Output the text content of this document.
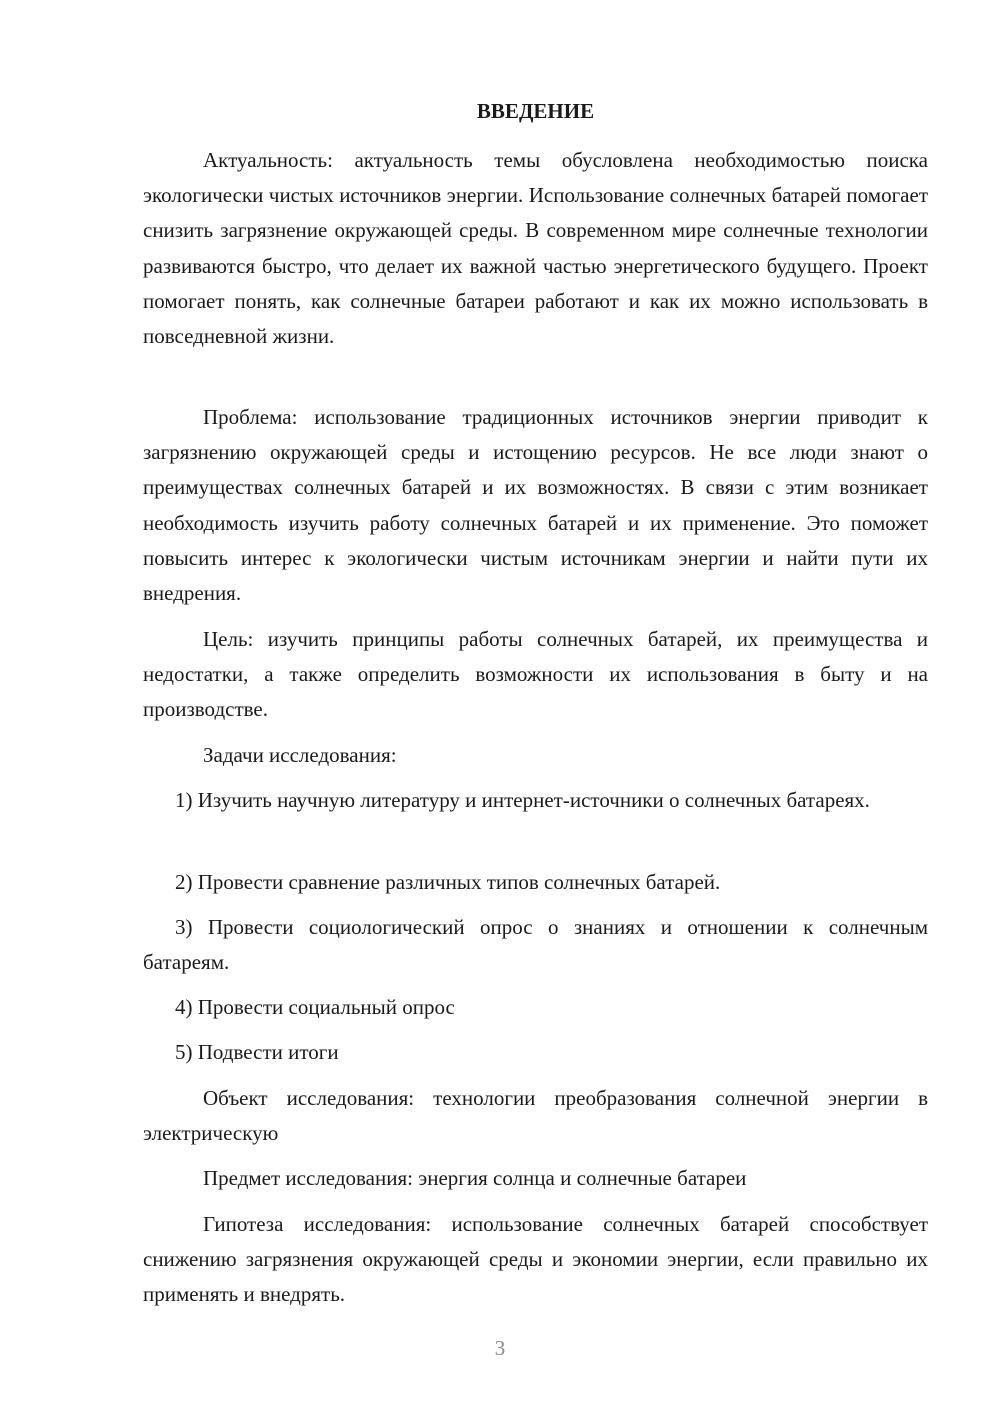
ВВЕДЕНИЕ

Актуальность: актуальность темы обусловлена необходимостью поиска экологически чистых источников энергии. Использование солнечных батарей помогает снизить загрязнение окружающей среды. В современном мире солнечные технологии развиваются быстро, что делает их важной частью энергетического будущего. Проект помогает понять, как солнечные батареи работают и как их можно использовать в повседневной жизни.

Проблема: использование традиционных источников энергии приводит к загрязнению окружающей среды и истощению ресурсов. Не все люди знают о преимуществах солнечных батарей и их возможностях. В связи с этим возникает необходимость изучить работу солнечных батарей и их применение. Это поможет повысить интерес к экологически чистым источникам энергии и найти пути их внедрения.

Цель: изучить принципы работы солнечных батарей, их преимущества и недостатки, а также определить возможности их использования в быту и на производстве.

Задачи исследования:

1) Изучить научную литературу и интернет-источники о солнечных батареях.

2) Провести сравнение различных типов солнечных батарей.

3) Провести социологический опрос о знаниях и отношении к солнечным батареям.

4) Провести социальный опрос

5) Подвести итоги

Объект исследования: технологии преобразования солнечной энергии в электрическую

Предмет исследования: энергия солнца и солнечные батареи

Гипотеза исследования: использование солнечных батарей способствует снижению загрязнения окружающей среды и экономии энергии, если правильно их применять и внедрять.

3
